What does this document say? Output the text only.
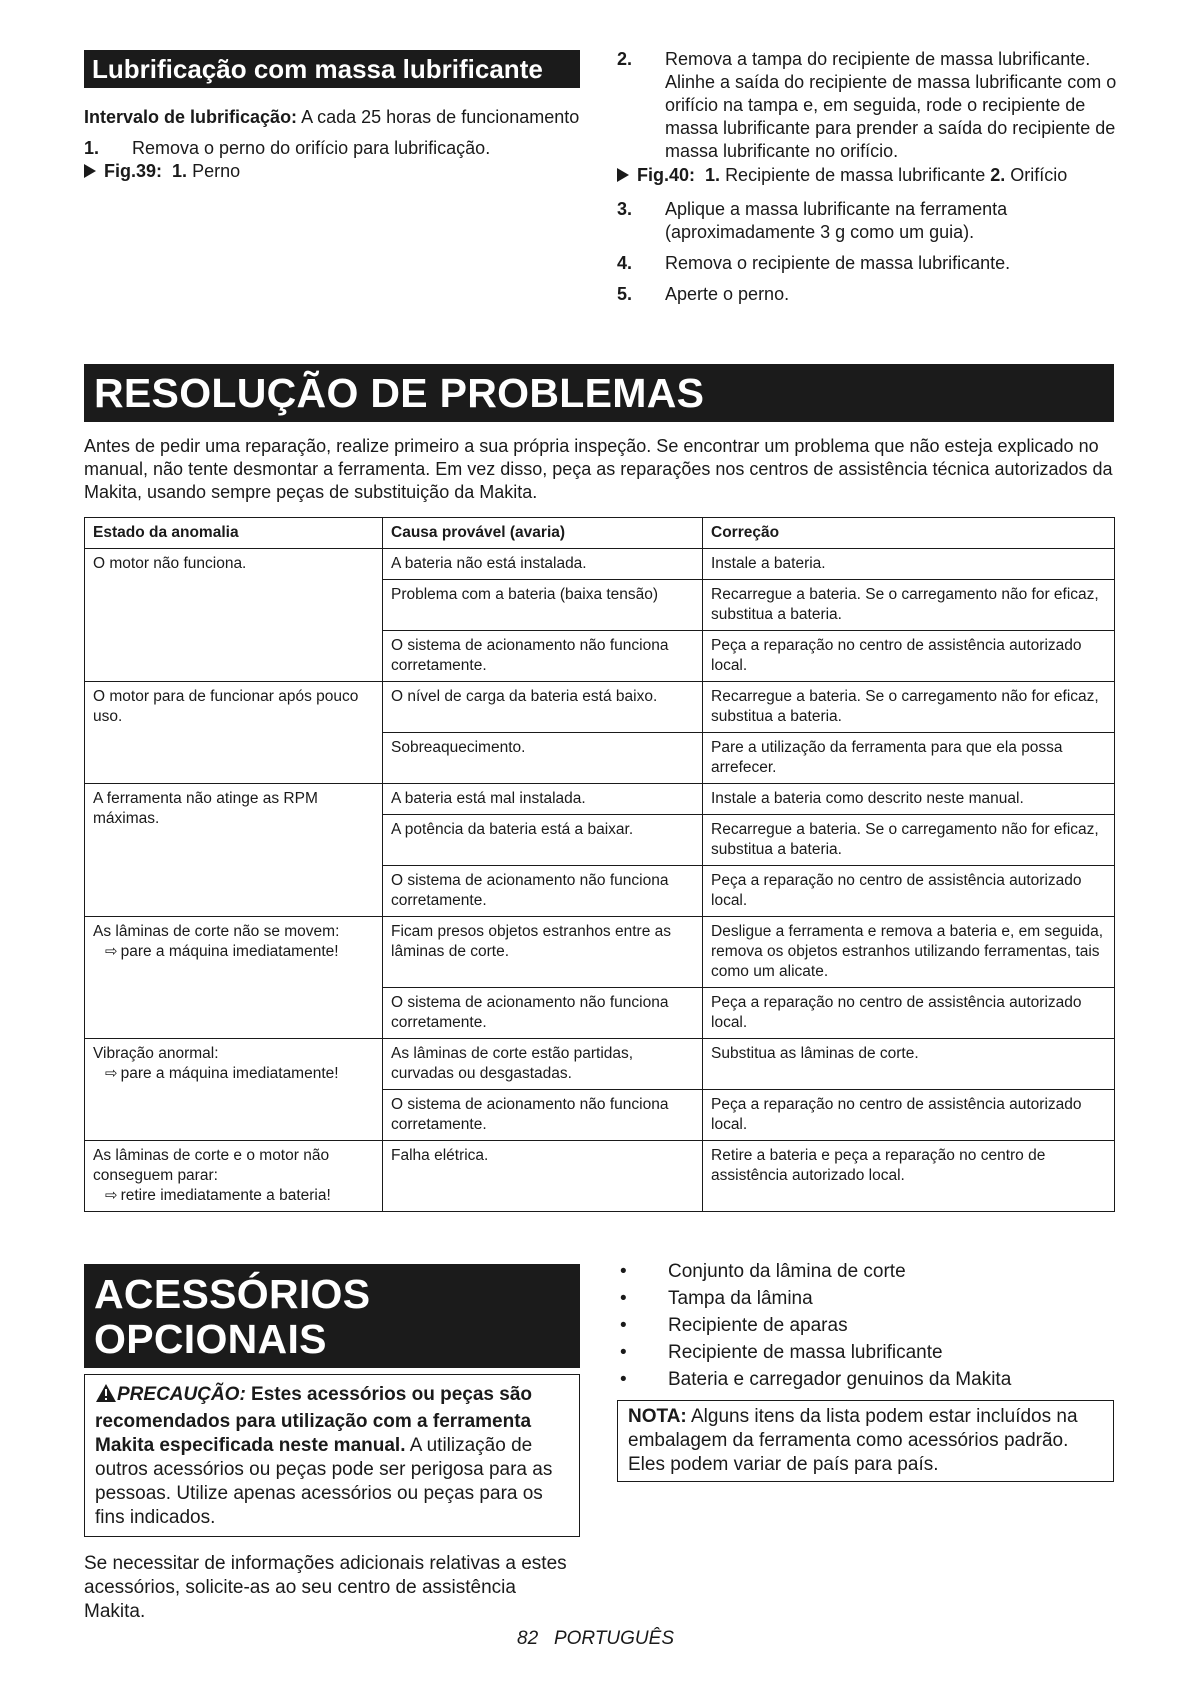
Lubrificação com massa lubrificante

Intervalo de lubrificação: A cada 25 horas de funcionamento

1. Remova o perno do orifício para lubrificação.
Fig.39: 1. Perno
2. Remova a tampa do recipiente de massa lubrificante. Alinhe a saída do recipiente de massa lubrificante com o orifício na tampa e, em seguida, rode o recipiente de massa lubrificante para prender a saída do recipiente de massa lubrificante no orifício.
Fig.40: 1. Recipiente de massa lubrificante 2. Orifício
3. Aplique a massa lubrificante na ferramenta (aproximadamente 3 g como um guia).
4. Remova o recipiente de massa lubrificante.
5. Aperte o perno.
RESOLUÇÃO DE PROBLEMAS

Antes de pedir uma reparação, realize primeiro a sua própria inspeção. Se encontrar um problema que não esteja explicado no manual, não tente desmontar a ferramenta. Em vez disso, peça as reparações nos centros de assistência técnica autorizados da Makita, usando sempre peças de substituição da Makita.

Estado da anomalia	Causa provável (avaria)	Correção

O motor não funciona.	A bateria não está instalada.	Instale a bateria.
	Problema com a bateria (baixa tensão)	Recarregue a bateria. Se o carregamento não for eficaz, substitua a bateria.
	O sistema de acionamento não funciona corretamente.	Peça a reparação no centro de assistência autorizado local.

O motor para de funcionar após pouco uso.	O nível de carga da bateria está baixo.	Recarregue a bateria. Se o carregamento não for eficaz, substitua a bateria.
	Sobreaquecimento.	Pare a utilização da ferramenta para que ela possa arrefecer.

A ferramenta não atinge as RPM máximas.	A bateria está mal instalada.	Instale a bateria como descrito neste manual.
	A potência da bateria está a baixar.	Recarregue a bateria. Se o carregamento não for eficaz, substitua a bateria.
	O sistema de acionamento não funciona corretamente.	Peça a reparação no centro de assistência autorizado local.

As lâminas de corte não se movem:
⇨ pare a máquina imediatamente!	Ficam presos objetos estranhos entre as lâminas de corte.	Desligue a ferramenta e remova a bateria e, em seguida, remova os objetos estranhos utilizando ferramentas, tais como um alicate.
	O sistema de acionamento não funciona corretamente.	Peça a reparação no centro de assistência autorizado local.

Vibração anormal:
⇨ pare a máquina imediatamente!	As lâminas de corte estão partidas, curvadas ou desgastadas.	Substitua as lâminas de corte.
	O sistema de acionamento não funciona corretamente.	Peça a reparação no centro de assistência autorizado local.

As lâminas de corte e o motor não conseguem parar:
⇨ retire imediatamente a bateria!	Falha elétrica.	Retire a bateria e peça a reparação no centro de assistência autorizado local.
ACESSÓRIOS
OPCIONAIS
PRECAUÇÃO: Estes acessórios ou peças são recomendados para utilização com a ferramenta Makita especificada neste manual. A utilização de outros acessórios ou peças pode ser perigosa para as pessoas. Utilize apenas acessórios ou peças para os fins indicados.

Se necessitar de informações adicionais relativas a estes acessórios, solicite-as ao seu centro de assistência Makita.

• Conjunto da lâmina de corte
• Tampa da lâmina
• Recipiente de aparas
• Recipiente de massa lubrificante
• Bateria e carregador genuinos da Makita
NOTA: Alguns itens da lista podem estar incluídos na embalagem da ferramenta como acessórios padrão. Eles podem variar de país para país.
82 PORTUGUÊS
